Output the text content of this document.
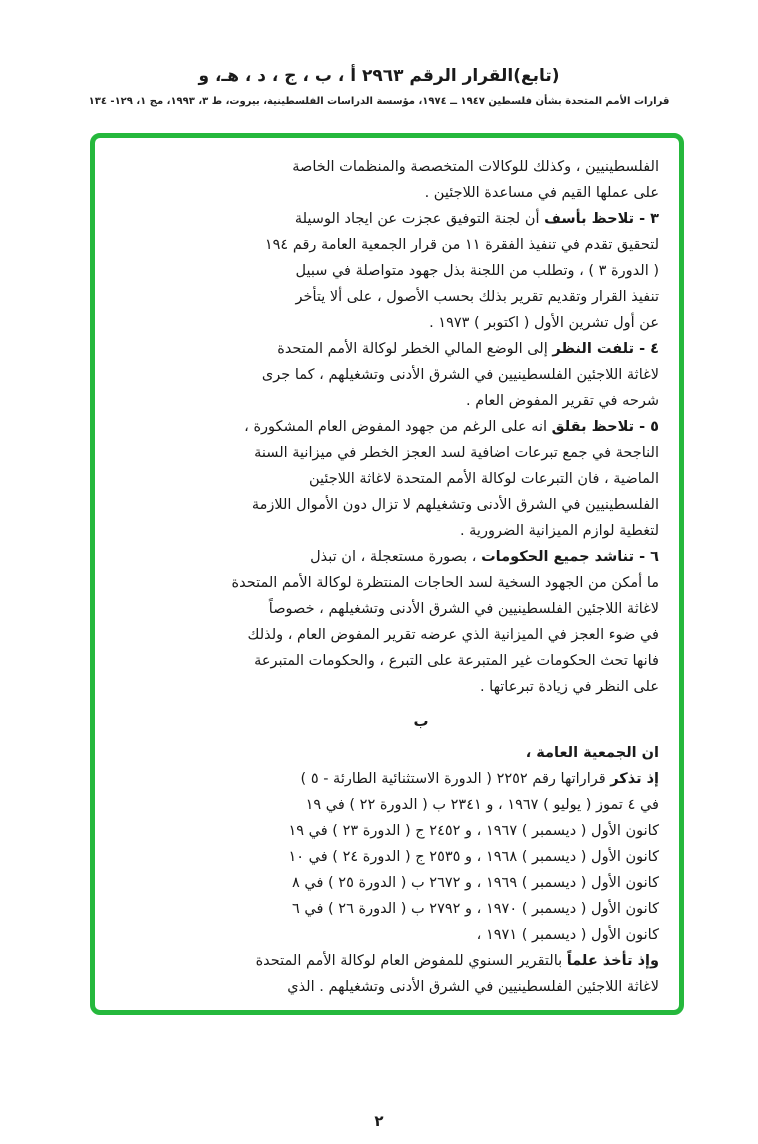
(تابع)القرار الرقم ٢٩٦٣ أ ، ب ، ج ، د ، هـ، و
قرارات الأمم المتحدة بشأن فلسطين ١٩٤٧ ــ ١٩٧٤، مؤسسة الدراسات الفلسطينية، بيروت، ط ٣، ١٩٩٣، مج ١، ١٢٩- ١٣٤
الفلسطينيين ، وكذلك للوكالات المتخصصة والمنظمات الخاصة
على عملها القيم في مساعدة اللاجئين .
٣ - تلاحظ بأسف أن لجنة التوفيق عجزت عن ايجاد الوسيلة
لتحقيق تقدم في تنفيذ الفقرة ١١ من قرار الجمعية العامة رقم ١٩٤
( الدورة ٣ ) ، وتطلب من اللجنة بذل جهود متواصلة في سبيل
تنفيذ القرار وتقديم تقرير بذلك بحسب الأصول ، على ألا يتأخر
عن أول تشرين الأول ( اكتوبر ) ١٩٧٣ .
٤ - تلفت النظر إلى الوضع المالي الخطر لوكالة الأمم المتحدة
لاغاثة اللاجئين الفلسطينيين في الشرق الأدنى وتشغيلهم ، كما جرى
شرحه في تقرير المفوض العام .
٥ - تلاحظ بقلق انه على الرغم من جهود المفوض العام المشكورة ،
الناجحة في جمع تبرعات اضافية لسد العجز الخطر في ميزانية السنة
الماضية ، فان التبرعات لوكالة الأمم المتحدة لاغاثة اللاجئين
الفلسطينيين في الشرق الأدنى وتشغيلهم لا تزال دون الأموال اللازمة
لتغطية لوازم الميزانية الضرورية .
٦ - تناشد جميع الحكومات ، بصورة مستعجلة ، ان تبذل
ما أمكن من الجهود السخية لسد الحاجات المنتظرة لوكالة الأمم المتحدة
لاغاثة اللاجئين الفلسطينيين في الشرق الأدنى وتشغيلهم ، خصوصاً
في ضوء العجز في الميزانية الذي عرضه تقرير المفوض العام ، ولذلك
فانها تحث الحكومات غير المتبرعة على التبرع ، والحكومات المتبرعة
على النظر في زيادة تبرعاتها .
ب
ان الجمعية العامة ،
إذ تذكر قراراتها رقم ٢٢٥٢ ( الدورة الاستثنائية الطارئة - ٥ )
في ٤ تموز ( يوليو ) ١٩٦٧ ، و ٢٣٤١ ب ( الدورة ٢٢ ) في ١٩
كانون الأول ( ديسمبر ) ١٩٦٧ ، و ٢٤٥٢ ج ( الدورة ٢٣ ) في ١٩
كانون الأول ( ديسمبر ) ١٩٦٨ ، و ٢٥٣٥ ج ( الدورة ٢٤ ) في ١٠
كانون الأول ( ديسمبر ) ١٩٦٩ ، و ٢٦٧٢ ب ( الدورة ٢٥ ) في ٨
كانون الأول ( ديسمبر ) ١٩٧٠ ، و ٢٧٩٢ ب ( الدورة ٢٦ ) في ٦
كانون الأول ( ديسمبر ) ١٩٧١ ،
وإذ تأخذ علماً بالتقرير السنوي للمفوض العام لوكالة الأمم المتحدة
لاغاثة اللاجئين الفلسطينيين في الشرق الأدنى وتشغيلهم . الذي
٢
